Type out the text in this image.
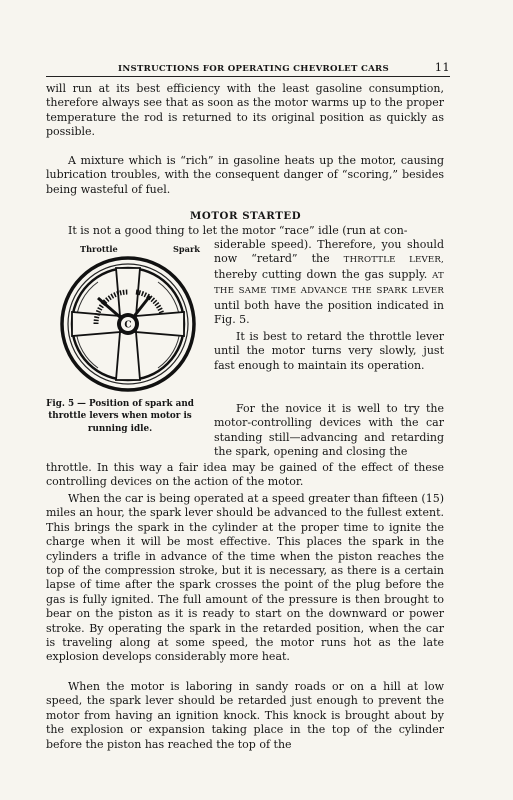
INSTRUCTIONS FOR OPERATING CHEVROLET CARS	11

will run at its best efficiency with the least gasoline consumption, therefore always see that as soon as the motor warms up to the proper temperature the rod is returned to its original position as quickly as possible.

A mixture which is “rich” in gasoline heats up the motor, causing lubrication troubles, with the consequent danger of “scoring,” besides being wasteful of fuel.

MOTOR STARTED

It is not a good thing to let the motor “race” idle (run at con-

siderable speed). Therefore, you should now “retard” the THROTTLE LEVER, thereby cutting down the gas supply. AT THE SAME TIME ADVANCE THE SPARK LEVER until both have the position indicated in Fig. 5.
It is best to retard the throttle lever until the motor turns very slowly, just fast enough to maintain its operation.
For the novice it is well to try the motor-controlling devices with the car standing still—advancing and retarding the spark, opening and closing the

throttle. In this way a fair idea may be gained of the effect of these controlling devices on the action of the motor.

Throttle	Spark
C
Fig. 5 — Position of spark and throttle levers when motor is running idle.

When the car is being operated at a speed greater than fifteen (15) miles an hour, the spark lever should be advanced to the fullest extent. This brings the spark in the cylinder at the proper time to ignite the charge when it will be most effective. This places the spark in the cylinders a trifle in advance of the time when the piston reaches the top of the compression stroke, but it is necessary, as there is a certain lapse of time after the spark crosses the point of the plug before the gas is fully ignited. The full amount of the pressure is then brought to bear on the piston as it is ready to start on the downward or power stroke. By operating the spark in the retarded position, when the car is traveling along at some speed, the motor runs hot as the late explosion develops considerably more heat.

When the motor is laboring in sandy roads or on a hill at low speed, the spark lever should be retarded just enough to prevent the motor from having an ignition knock. This knock is brought about by the explosion or expansion taking place in the top of the cylinder before the piston has reached the top of the
